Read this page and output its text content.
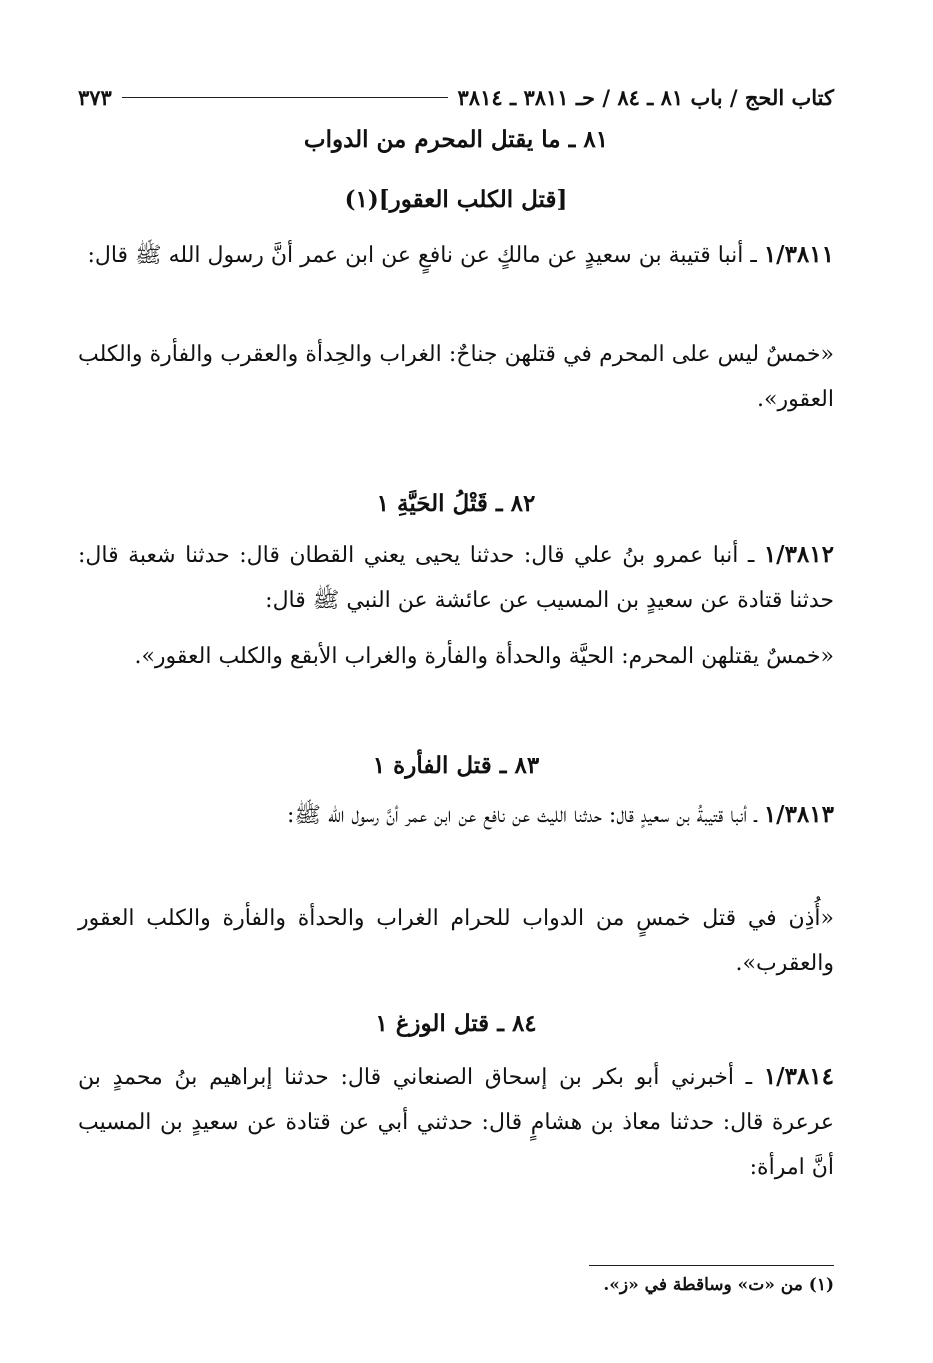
كتاب الحج / باب ٨١ ـ ٨٤ / حـ ٣٨١١ ـ ٣٨١٤
٣٧٣
٨١ ـ ما يقتل المحرم من الدواب
[قتل الكلب العقور](١)

١/٣٨١١ ـ أنبا قتيبة بن سعيدٍ عن مالكٍ عن نافعٍ عن ابن عمر أنَّ رسول الله ﷺ قال:

«خمسٌ ليس على المحرم في قتلهن جناحٌ: الغراب والحِدأة والعقرب والفأرة والكلب العقور».

٨٢ ـ قَتْلُ الحَيَّةِ ١

١/٣٨١٢ ـ أنبا عمرو بنُ علي قال: حدثنا يحيى يعني القطان قال: حدثنا شعبة قال: حدثنا قتادة عن سعيدٍ بن المسيب عن عائشة عن النبي ﷺ قال:

«خمسٌ يقتلهن المحرم: الحيَّة والحدأة والفأرة والغراب الأبقع والكلب العقور».

٨٣ ـ قتل الفأرة ١

١/٣٨١٣ ـ أنبا قتيبةُ بن سعيدٍ قال: حدثنا الليث عن نافع عن ابن عمر أنَّ رسول الله ﷺ:

«أُذِن في قتل خمسٍ من الدواب للحرام الغراب والحدأة والفأرة والكلب العقور والعقرب».

٨٤ ـ قتل الوزغ ١

١/٣٨١٤ ـ أخبرني أبو بكر بن إسحاق الصنعاني قال: حدثنا إبراهيم بنُ محمدٍ بن عرعرة قال: حدثنا معاذ بن هشامٍ قال: حدثني أبي عن قتادة عن سعيدٍ بن المسيب أنَّ امرأة:

(١) من «ت» وساقطة في «ز».
